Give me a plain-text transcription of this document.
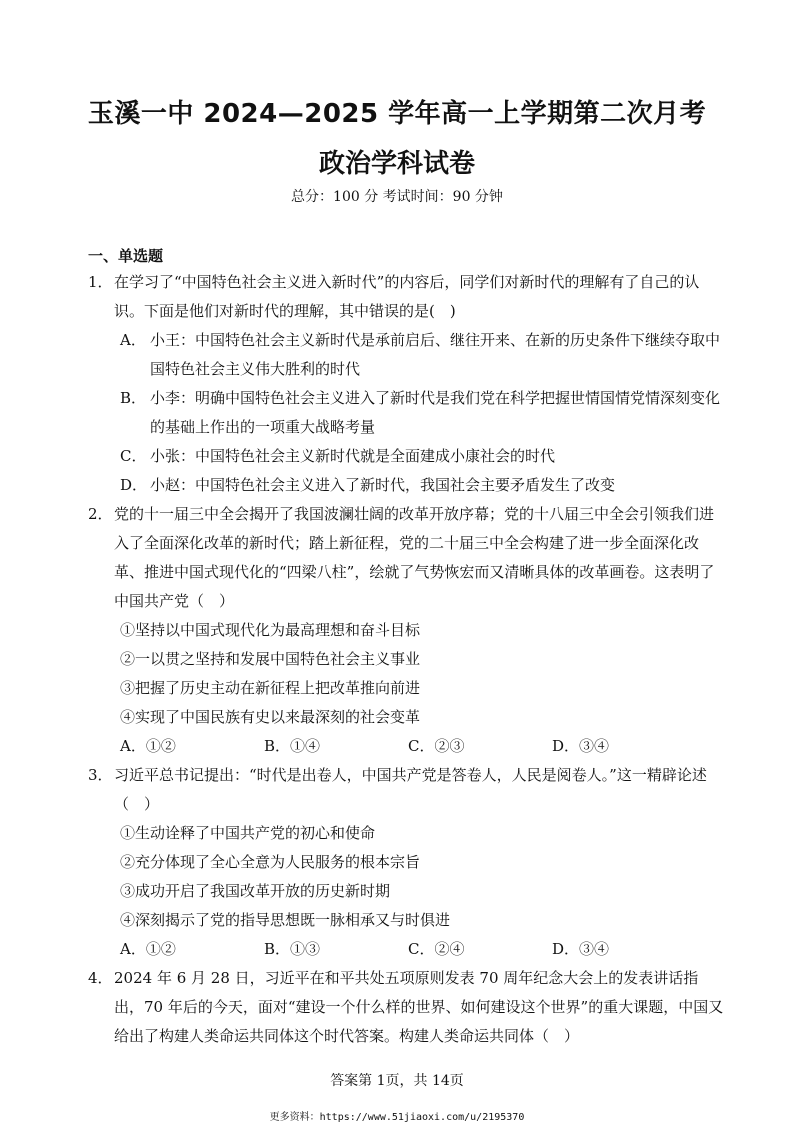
玉溪一中 2024—2025 学年高一上学期第二次月考
政治学科试卷
总分：100 分 考试时间：90 分钟
一、单选题
1． 在学习了“中国特色社会主义进入新时代”的内容后，同学们对新时代的理解有了自己的认识。下面是他们对新时代的理解，其中错误的是(　)
A． 小王：中国特色社会主义新时代是承前启后、继往开来、在新的历史条件下继续夺取中国特色社会主义伟大胜利的时代
B． 小李：明确中国特色社会主义进入了新时代是我们党在科学把握世情国情党情深刻变化的基础上作出的一项重大战略考量
C． 小张：中国特色社会主义新时代就是全面建成小康社会的时代
D． 小赵：中国特色社会主义进入了新时代，我国社会主要矛盾发生了改变
2． 党的十一届三中全会揭开了我国波澜壮阔的改革开放序幕；党的十八届三中全会引领我们进入了全面深化改革的新时代；踏上新征程，党的二十届三中全会构建了进一步全面深化改革、推进中国式现代化的“四梁八柱”，绘就了气势恢宏而又清晰具体的改革画卷。这表明了中国共产党（　）
①坚持以中国式现代化为最高理想和奋斗目标
②一以贯之坚持和发展中国特色社会主义事业
③把握了历史主动在新征程上把改革推向前进
④实现了中国民族有史以来最深刻的社会变革
A．①②	B．①④	C．②③	D．③④
3． 习近平总书记提出：“时代是出卷人，中国共产党是答卷人，人民是阅卷人。”这一精辟论述（　）
①生动诠释了中国共产党的初心和使命
②充分体现了全心全意为人民服务的根本宗旨
③成功开启了我国改革开放的历史新时期
④深刻揭示了党的指导思想既一脉相承又与时俱进
A．①②	B．①③	C．②④	D．③④
4． 2024 年 6 月 28 日，习近平在和平共处五项原则发表 70 周年纪念大会上的发表讲话指出，70 年后的今天，面对“建设一个什么样的世界、如何建设这个世界”的重大课题，中国又给出了构建人类命运共同体这个时代答案。构建人类命运共同体（　）
答案第 1页，共 14页
更多资料：https://www.51jiaoxi.com/u/2195370
